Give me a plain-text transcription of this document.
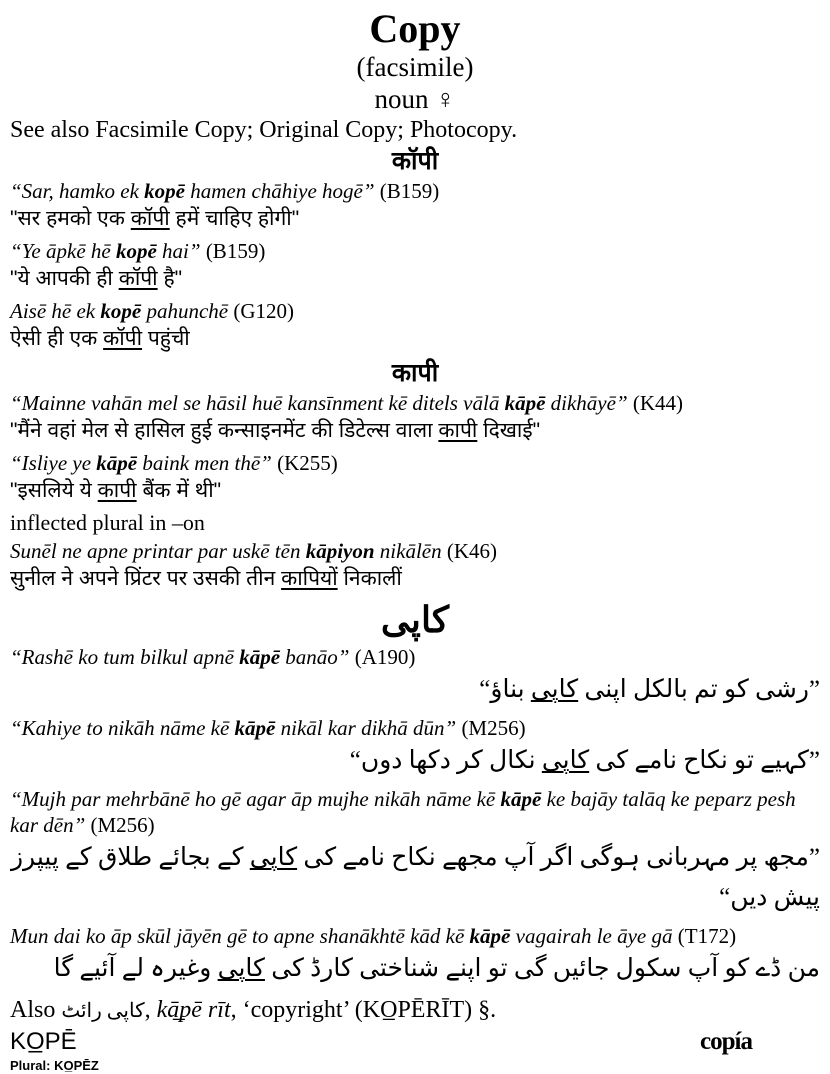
Copy
(facsimile)
noun ♀
See also Facsimile Copy; Original Copy; Photocopy.
कॉपी
“Sar, hamko ek kopē hamen chāhiye hogē” (B159)
"सर हमको एक कॉपी हमें चाहिए होगी"
“Ye āpkē hē kopē hai” (B159)
"ये आपकी ही कॉपी है"
Aisē hē ek kopē pahunchē (G120)
ऐसी ही एक कॉपी पहुंची
कापी
“Mainne vahān mel se hāsil huē kansīnment kē ditels vālā kāpē dikhāyē” (K44)
"मैंने वहां मेल से हासिल हुई कन्साइनमेंट की डिटेल्स वाला कापी दिखाई"
“Isliye ye kāpē baink men thē” (K255)
"इसलिये ये कापी बैंक में थी"
inflected plural in –on
Sunēl ne apne printar par uskē tēn kāpiyon nikālēn (K46)
सुनील ने अपने प्रिंटर पर उसकी तीन कापियों निकालीं
کاپی
“Rashē ko tum bilkul apnē kāpē banāo” (A190)
”رشی کو تم بالکل اپنی کاپی بناؤ“
“Kahiye to nikāh nāme kē kāpē nikāl kar dikhā dūn” (M256)
”کہیے تو نکاح نامے کی کاپی نکال کر دکھا دوں“
“Mujh par mehrbānē ho gē agar āp mujhe nikāh nāme kē kāpē ke bajāy talāq ke peparz pesh kar dēn” (M256)
”مجھ پر مہربانی ہوگی اگر آپ مجھے نکاح نامے کی کاپی کے بجائے طلاق کے پیپرز پیش دیں“
Mun dai ko āp skūl jāyēn gē to apne shanākhtē kād kē kāpē vagairah le āye gā (T172)
من ڈے کو آپ سکول جائیں گی تو اپنے شناختی کارڈ کی کاپی وغیرہ لے آئیے گا
Also کاپی رائٹ, kā̲pē rīt, ‘copyright’ (KO̲PĒRĪT) §.
KO̲PĒ	copía
Plural: KO̲PĒZ
